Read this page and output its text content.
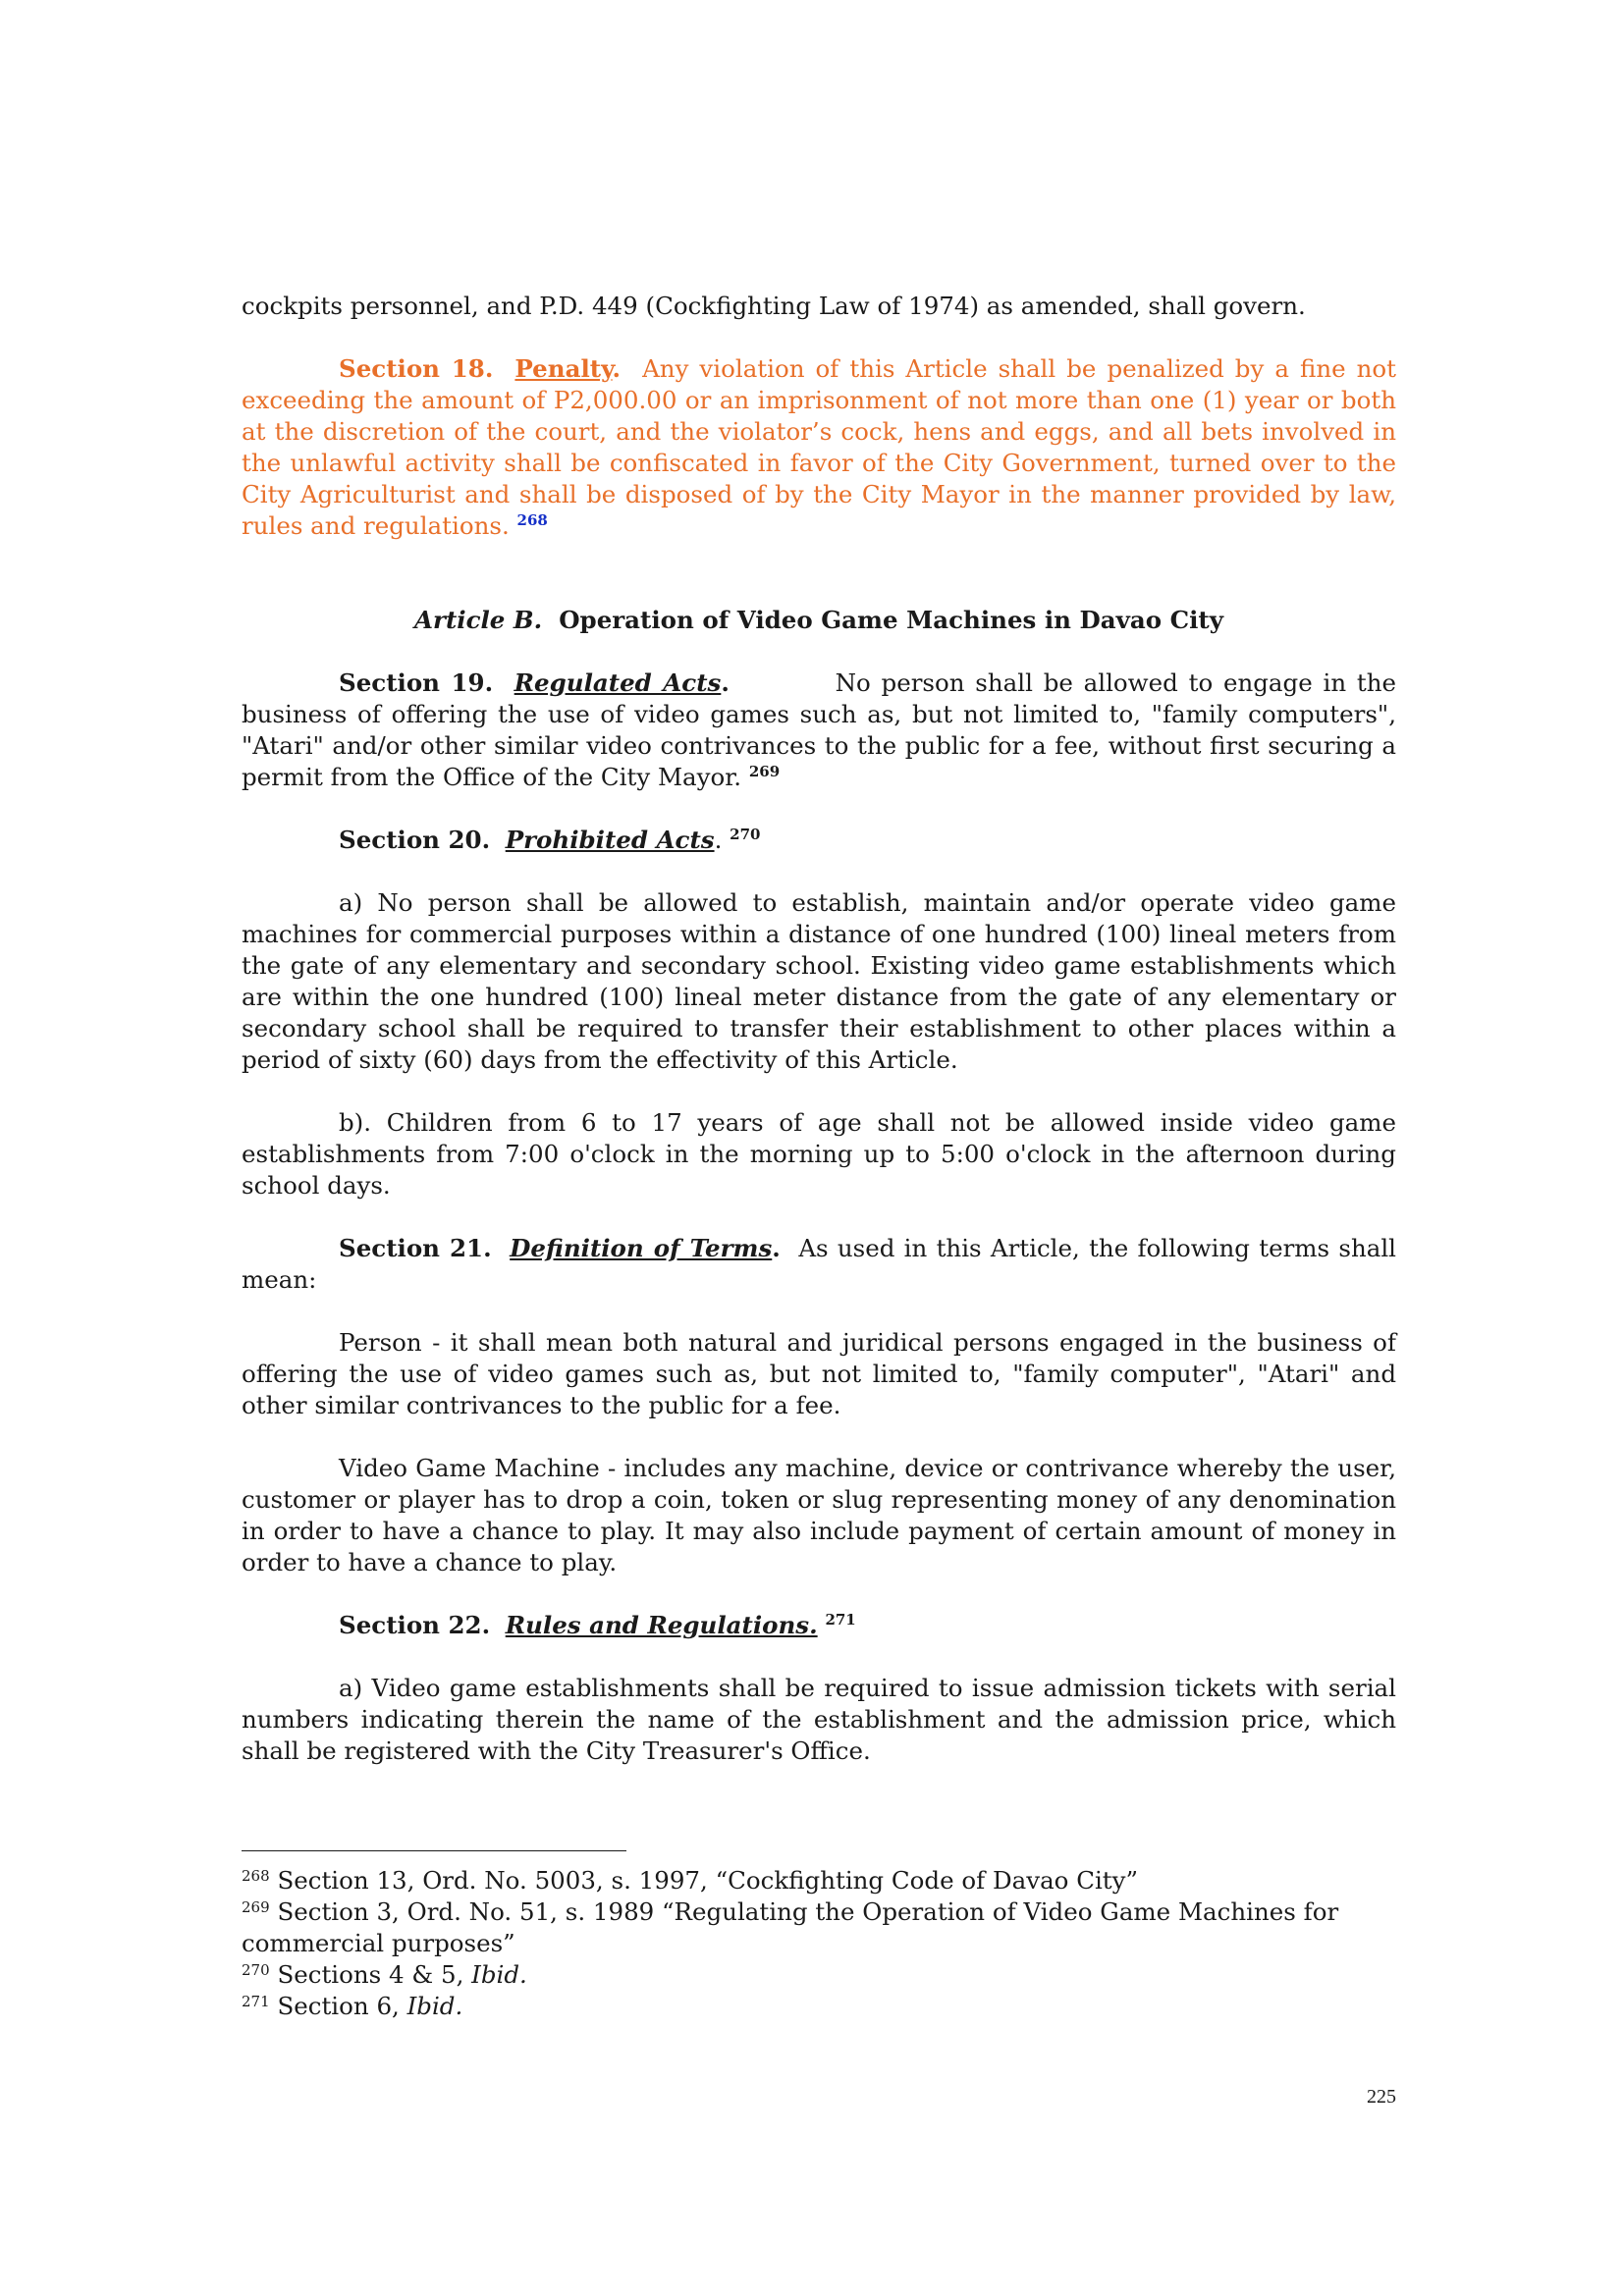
cockpits personnel, and P.D. 449 (Cockfighting Law of 1974) as amended, shall govern.

Section 18. Penalty. Any violation of this Article shall be penalized by a fine not exceeding the amount of P2,000.00 or an imprisonment of not more than one (1) year or both at the discretion of the court, and the violator’s cock, hens and eggs, and all bets involved in the unlawful activity shall be confiscated in favor of the City Government, turned over to the City Agriculturist and shall be disposed of by the City Mayor in the manner provided by law, rules and regulations. $^{268}$

Article B. Operation of Video Game Machines in Davao City

Section 19. Regulated Acts.	No person shall be allowed to engage in the business of offering the use of video games such as, but not limited to, "family computers", "Atari" and/or other similar video contrivances to the public for a fee, without first securing a permit from the Office of the City Mayor. $^{269}$

Section 20. Prohibited Acts. $^{270}$

a) No person shall be allowed to establish, maintain and/or operate video game machines for commercial purposes within a distance of one hundred (100) lineal meters from the gate of any elementary and secondary school. Existing video game establishments which are within the one hundred (100) lineal meter distance from the gate of any elementary or secondary school shall be required to transfer their establishment to other places within a period of sixty (60) days from the effectivity of this Article.

b). Children from 6 to 17 years of age shall not be allowed inside video game establishments from 7:00 o'clock in the morning up to 5:00 o'clock in the afternoon during school days.

Section 21. Definition of Terms. As used in this Article, the following terms shall mean:

Person - it shall mean both natural and juridical persons engaged in the business of offering the use of video games such as, but not limited to, "family computer", "Atari" and other similar contrivances to the public for a fee.

Video Game Machine - includes any machine, device or contrivance whereby the user, customer or player has to drop a coin, token or slug representing money of any denomination in order to have a chance to play. It may also include payment of certain amount of money in order to have a chance to play.

Section 22. Rules and Regulations. $^{271}$

a) Video game establishments shall be required to issue admission tickets with serial numbers indicating therein the name of the establishment and the admission price, which shall be registered with the City Treasurer's Office.

$^{268}$ Section 13, Ord. No. 5003, s. 1997, “Cockfighting Code of Davao City”
$^{269}$ Section 3, Ord. No. 51, s. 1989 “Regulating the Operation of Video Game Machines for commercial purposes”
$^{270}$ Sections 4 & 5, Ibid.
$^{271}$ Section 6, Ibid.
225
